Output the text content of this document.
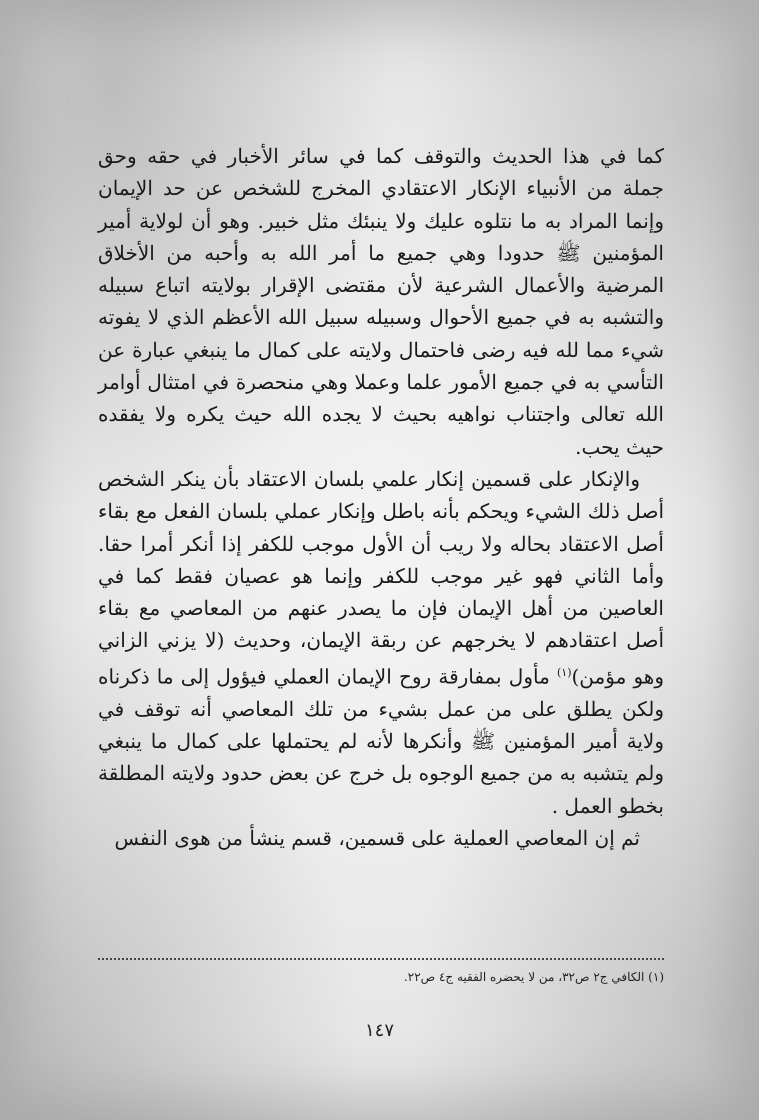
كما في هذا الحديث والتوقف كما في سائر الأخبار في حقه وحق جملة من الأنبياء الإنكار الاعتقادي المخرج للشخص عن حد الإيمان وإنما المراد به ما نتلوه عليك ولا ينبئك مثل خبير. وهو أن لولاية أمير المؤمنين ﷺ حدودا وهي جميع ما أمر الله به وأحبه من الأخلاق المرضية والأعمال الشرعية لأن مقتضى الإقرار بولايته اتباع سبيله والتشبه به في جميع الأحوال وسبيله سبيل الله الأعظم الذي لا يفوته شيء مما لله فيه رضى فاحتمال ولايته على كمال ما ينبغي عبارة عن التأسي به في جميع الأمور علما وعملا وهي منحصرة في امتثال أوامر الله تعالى واجتناب نواهيه بحيث لا يجده الله حيث يكره ولا يفقده حيث يحب.
والإنكار على قسمين إنكار علمي بلسان الاعتقاد بأن ينكر الشخص أصل ذلك الشيء ويحكم بأنه باطل وإنكار عملي بلسان الفعل مع بقاء أصل الاعتقاد بحاله ولا ريب أن الأول موجب للكفر إذا أنكر أمرا حقا. وأما الثاني فهو غير موجب للكفر وإنما هو عصيان فقط كما في العاصين من أهل الإيمان فإن ما يصدر عنهم من المعاصي مع بقاء أصل اعتقادهم لا يخرجهم عن ربقة الإيمان، وحديث (لا يزني الزاني وهو مؤمن)$^{(١)}$ مأول بمفارقة روح الإيمان العملي فيؤول إلى ما ذكرناه ولكن يطلق على من عمل بشيء من تلك المعاصي أنه توقف في ولاية أمير المؤمنين ﷺ وأنكرها لأنه لم يحتملها على كمال ما ينبغي ولم يتشبه به من جميع الوجوه بل خرج عن بعض حدود ولايته المطلقة بخطو العمل .
ثم إن المعاصي العملية على قسمين، قسم ينشأ من هوى النفس

(١) الكافي ج٢ ص٣٢، من لا يحضره الفقيه ج٤ ص٢٢.

١٤٧
